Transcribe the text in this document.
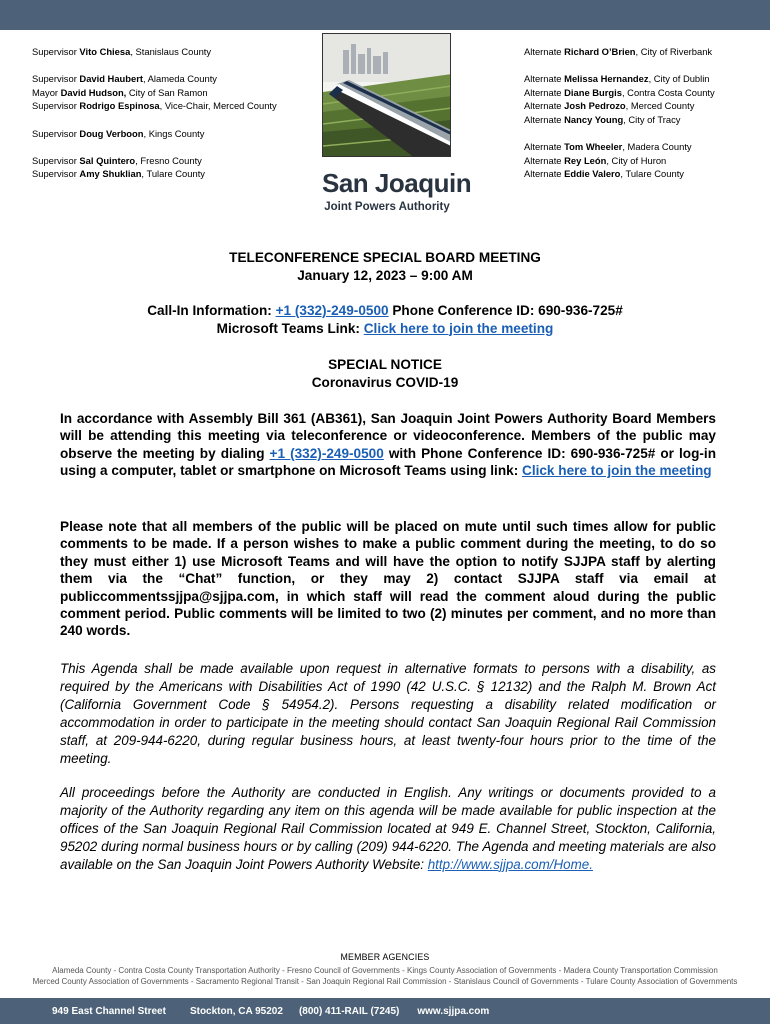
Supervisor Vito Chiesa, Stanislaus County
Supervisor David Haubert, Alameda County
Mayor David Hudson, City of San Ramon
Supervisor Rodrigo Espinosa, Vice-Chair, Merced County
Supervisor Doug Verboon, Kings County
Supervisor Sal Quintero, Fresno County
Supervisor Amy Shuklian, Tulare County	San Joaquin
Joint Powers Authority
Alternate Richard O’Brien, City of Riverbank
Alternate Melissa Hernandez, City of Dublin
Alternate Diane Burgis, Contra Costa County
Alternate Josh Pedrozo, Merced County
Alternate Nancy Young, City of Tracy
Alternate Tom Wheeler, Madera County
Alternate Rey León, City of Huron
Alternate Eddie Valero, Tulare County
TELECONFERENCE SPECIAL BOARD MEETING
January 12, 2023 – 9:00 AM
Call-In Information: +1 (332)-249-0500 Phone Conference ID: 690-936-725#
Microsoft Teams Link: Click here to join the meeting
SPECIAL NOTICE
Coronavirus COVID-19
In accordance with Assembly Bill 361 (AB361), San Joaquin Joint Powers Authority Board Members will be attending this meeting via teleconference or videoconference. Members of the public may observe the meeting by dialing +1 (332)-249-0500 with Phone Conference ID: 690-936-725# or log-in using a computer, tablet or smartphone on Microsoft Teams using link: Click here to join the meeting
Please note that all members of the public will be placed on mute until such times allow for public comments to be made. If a person wishes to make a public comment during the meeting, to do so they must either 1) use Microsoft Teams and will have the option to notify SJJPA staff by alerting them via the “Chat” function, or they may 2) contact SJJPA staff via email at publiccommentssjjpa@sjjpa.com, in which staff will read the comment aloud during the public comment period. Public comments will be limited to two (2) minutes per comment, and no more than 240 words.
This Agenda shall be made available upon request in alternative formats to persons with a disability, as required by the Americans with Disabilities Act of 1990 (42 U.S.C. § 12132) and the Ralph M. Brown Act (California Government Code § 54954.2). Persons requesting a disability related modification or accommodation in order to participate in the meeting should contact San Joaquin Regional Rail Commission staff, at 209-944-6220, during regular business hours, at least twenty-four hours prior to the time of the meeting.
All proceedings before the Authority are conducted in English. Any writings or documents provided to a majority of the Authority regarding any item on this agenda will be made available for public inspection at the offices of the San Joaquin Regional Rail Commission located at 949 E. Channel Street, Stockton, California, 95202 during normal business hours or by calling (209) 944-6220. The Agenda and meeting materials are also available on the San Joaquin Joint Powers Authority Website: http://www.sjjpa.com/Home.
MEMBER AGENCIES
Alameda County - Contra Costa County Transportation Authority - Fresno Council of Governments - Kings County Association of Governments - Madera County Transportation Commission
Merced County Association of Governments - Sacramento Regional Transit - San Joaquin Regional Rail Commission - Stanislaus Council of Governments - Tulare County Association of Governments
949 East Channel Street Stockton, CA 95202 (800) 411-RAIL (7245) www.sjjpa.com
